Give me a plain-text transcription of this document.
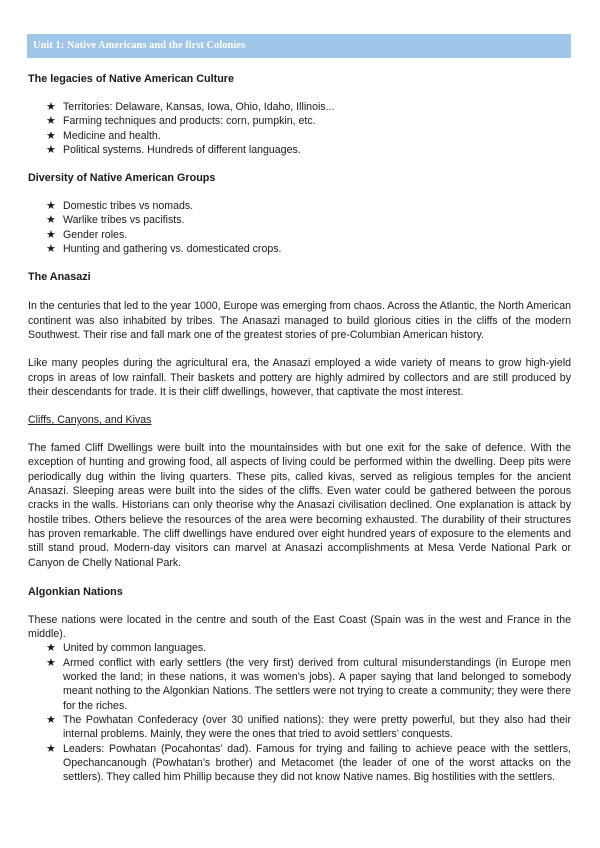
Unit 1: Native Americans and the first Colonies
The legacies of Native American Culture
★ Territories: Delaware, Kansas, Iowa, Ohio, Idaho, Illinois...
★ Farming techniques and products: corn, pumpkin, etc.
★ Medicine and health.
★ Political systems. Hundreds of different languages.
Diversity of Native American Groups
★ Domestic tribes vs nomads.
★ Warlike tribes vs pacifists.
★ Gender roles.
★ Hunting and gathering vs. domesticated crops.
The Anasazi

In the centuries that led to the year 1000, Europe was emerging from chaos. Across the Atlantic, the North American continent was also inhabited by tribes. The Anasazi managed to build glorious cities in the cliffs of the modern Southwest. Their rise and fall mark one of the greatest stories of pre-Columbian American history.

Like many peoples during the agricultural era, the Anasazi employed a wide variety of means to grow high-yield crops in areas of low rainfall. Their baskets and pottery are highly admired by collectors and are still produced by their descendants for trade. It is their cliff dwellings, however, that captivate the most interest.

Cliffs, Canyons, and Kivas

The famed Cliff Dwellings were built into the mountainsides with but one exit for the sake of defence. With the exception of hunting and growing food, all aspects of living could be performed within the dwelling. Deep pits were periodically dug within the living quarters. These pits, called kivas, served as religious temples for the ancient Anasazi. Sleeping areas were built into the sides of the cliffs. Even water could be gathered between the porous cracks in the walls. Historians can only theorise why the Anasazi civilisation declined. One explanation is attack by hostile tribes. Others believe the resources of the area were becoming exhausted. The durability of their structures has proven remarkable. The cliff dwellings have endured over eight hundred years of exposure to the elements and still stand proud. Modern-day visitors can marvel at Anasazi accomplishments at Mesa Verde National Park or Canyon de Chelly National Park.

Algonkian Nations

These nations were located in the centre and south of the East Coast (Spain was in the west and France in the middle).

★ United by common languages.
★ Armed conflict with early settlers (the very first) derived from cultural misunderstandings (in Europe men worked the land; in these nations, it was women’s jobs). A paper saying that land belonged to somebody meant nothing to the Algonkian Nations. The settlers were not trying to create a community; they were there for the riches.
★ The Powhatan Confederacy (over 30 unified nations): they were pretty powerful, but they also had their internal problems. Mainly, they were the ones that tried to avoid settlers’ conquests.
★ Leaders: Powhatan (Pocahontas’ dad). Famous for trying and failing to achieve peace with the settlers, Opechancanough (Powhatan’s brother) and Metacomet (the leader of one of the worst attacks on the settlers). They called him Phillip because they did not know Native names. Big hostilities with the settlers.
